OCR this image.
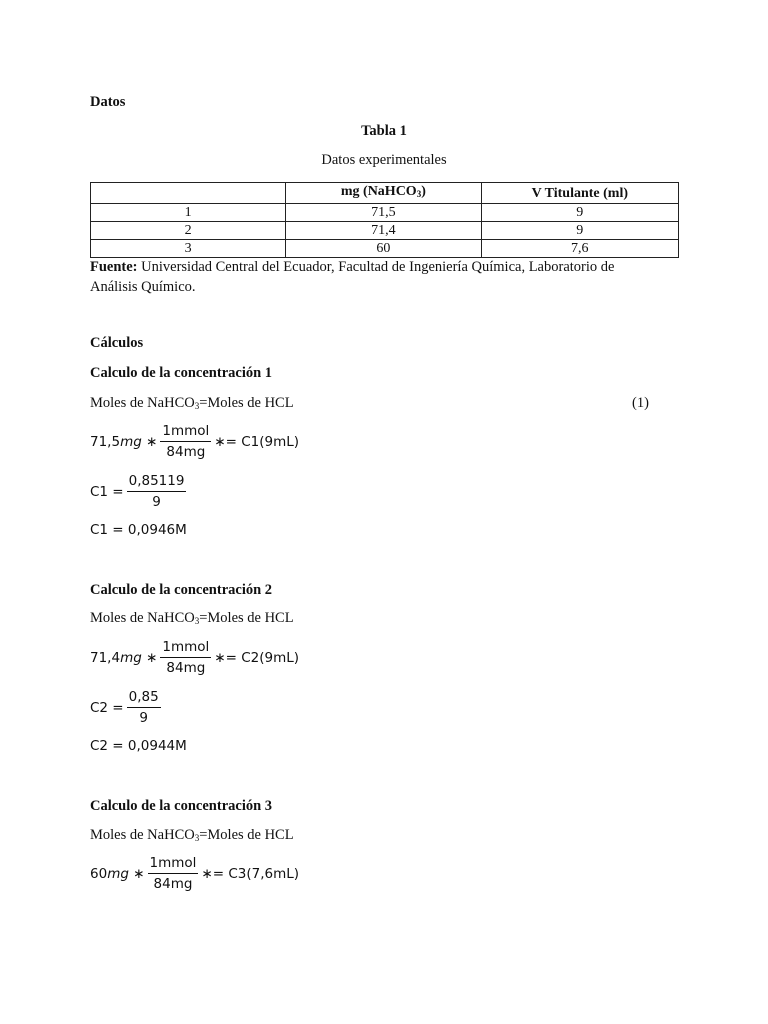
Datos
Tabla 1
Datos experimentales
	mg (NaHCO$_3$)	V Titulante (ml)
1	71,5	9
2	71,4	9
3	60	7,6
Fuente: Universidad Central del Ecuador, Facultad de Ingeniería Química, Laboratorio de
Análisis Químico.
Cálculos
Calculo de la concentración 1
Moles de NaHCO$_3$=Moles de HCL	(1)
71,5 mg ∗ $\frac{\text{1mmol}}{84mg}$ ∗= C1(9mL)
$C1 = \frac{0,85119}{9}$
C1 = 0,0946M
Calculo de la concentración 2
Moles de NaHCO$_3$=Moles de HCL
71,4 mg ∗ $\frac{\text{1mmol}}{84mg}$ ∗= C2(9mL)
$C2 = \frac{0,85}{9}$
C2 = 0,0944M
Calculo de la concentración 3
Moles de NaHCO$_3$=Moles de HCL
60 mg ∗ $\frac{\text{1mmol}}{84mg}$ ∗= C3(7,6mL)
